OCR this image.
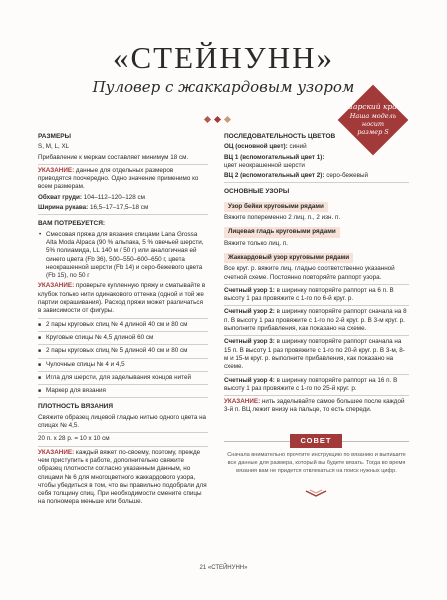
«СТЕЙНУНН»
Пуловер с жаккардовым узором
Шарский край
Наша модель
носит
размер S
РАЗМЕРЫ

S, M, L, XL

Прибавление к меркам составляет минимум 18 см.

УКАЗАНИЕ: данные для отдельных размеров приводятся поочередно. Одно значение применимо ко всем размерам.

Обхват груди: 104–112–120–128 см

Ширина рукава: 16,5–17–17,5–18 см

ВАМ ПОТРЕБУЕТСЯ:

• Смесовая пряжа для вязания спицами Lana Grossa Alta Moda Alpaca (90 % альпака, 5 % овечьей шерсти, 5% полиамида, LL 140 м / 50 г) или аналогичная ей синего цвета (Fb 36), 500–550–600–650 г, цвета неокрашенной шерсти (Fb 14) и серо-бежевого цвета (Fb 15), по 50 г

УКАЗАНИЕ: проверьте купленную пряжу и сматывайте в клубок только нити одинакового оттенка (одной и той же партии окрашивания). Расход пряжи может различаться в зависимости от фигуры.

■ 2 пары круговых спиц № 4 длиной 40 см и 80 см

■ Круговые спицы № 4,5 длиной 60 см

■ 2 пары круговых спиц № 5 длиной 40 см и 80 см

■ Чулочные спицы № 4 и 4,5

■ Игла для шерсти, для заделывания концов нитей

■ Маркер для вязания

ПЛОТНОСТЬ ВЯЗАНИЯ

Свяжите образец лицевой гладью нитью одного цвета на спицах № 4,5.

20 п. x 28 р. = 10 x 10 см

УКАЗАНИЕ: каждый вяжет по-своему, поэтому, прежде чем приступить к работе, дополнительно свяжите образец плотности согласно указанным данным, но спицами № 6 для многоцветного жаккардового узора, чтобы убедиться в том, что вы правильно подобрали для себя толщину спиц. При необходимости смените спицы на полномера меньше или больше.

ПОСЛЕДОВАТЕЛЬНОСТЬ ЦВЕТОВ

ОЦ (основной цвет): синий

ВЦ 1 (вспомогательный цвет 1):
цвет неокрашенной шерсти

ВЦ 2 (вспомогательный цвет 2): серо-бежевый

ОСНОВНЫЕ УЗОРЫ
Узор бейки круговыми рядами

Вяжите попеременно 2 лиц. п., 2 изн. п.

Лицевая гладь круговыми рядами

Вяжите только лиц. п.

Жаккардовый узор круговыми рядами

Все круг. р. вяжите лиц. гладью соответственно указанной счетной схеме. Постоянно повторяйте раппорт узора.

Счетный узор 1: в ширинку повторяйте раппорт на 6 п. В высоту 1 раз провяжите с 1-го по 6-й круг. р.

Счетный узор 2: в ширинку повторяйте раппорт сначала на 8 п. В высоту 1 раз провяжите с 1-го по 2-й круг. р. В 3-м круг. р. выполните прибавления, как показано на схеме.

Счетный узор 3: в ширинку повторяйте раппорт сначала на 15 п. В высоту 1 раз провяжите с 1-го по 20-й круг. р. В 3-м, 8-м и 15-м круг. р. выполните прибавления, как показано на схеме.

Счетный узор 4: в ширинку повторяйте раппорт на 16 п. В высоту 1 раз провяжите с 1-го по 25-й круг. р.

УКАЗАНИЕ: нить заделывайте самое большее после каждой 3-й п. ВЦ лежит внизу на пальце, то есть спереди.

СОВЕТ
Сначала внимательно прочтите инструкцию по вязанию и выпишите все данные для размера, который вы будете вязать. Тогда во время вязания вам не придется отвлекаться на поиск нужных цифр.
21 «СТЕЙНУНН»
